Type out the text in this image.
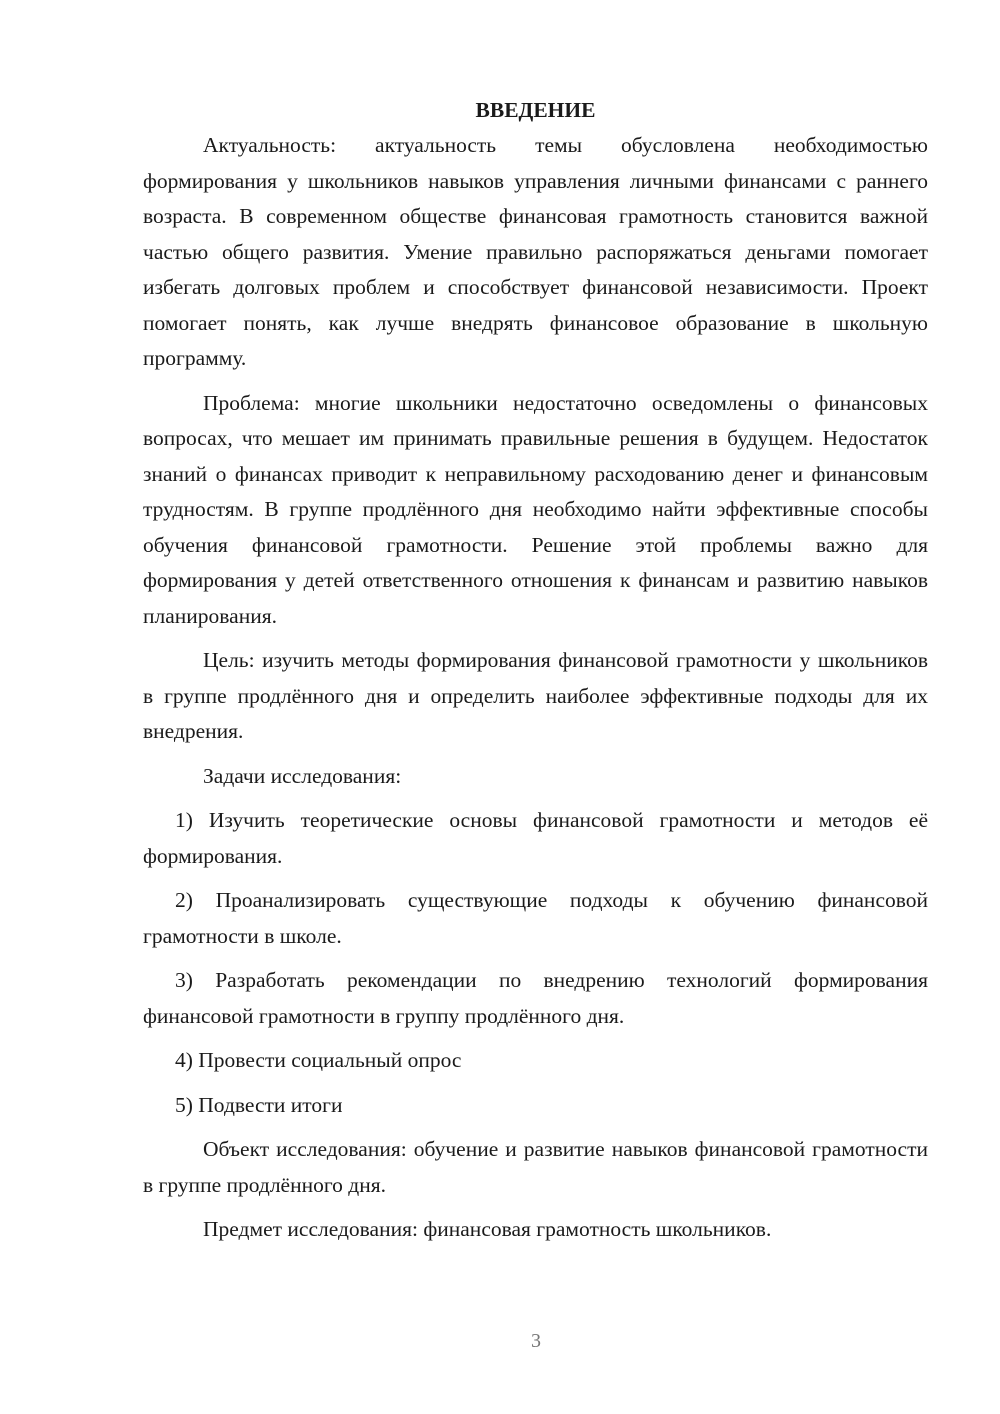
ВВЕДЕНИЕ

Актуальность: актуальность темы обусловлена необходимостью формирования у школьников навыков управления личными финансами с раннего возраста. В современном обществе финансовая грамотность становится важной частью общего развития. Умение правильно распоряжаться деньгами помогает избегать долговых проблем и способствует финансовой независимости. Проект помогает понять, как лучше внедрять финансовое образование в школьную программу.

Проблема: многие школьники недостаточно осведомлены о финансовых вопросах, что мешает им принимать правильные решения в будущем. Недостаток знаний о финансах приводит к неправильному расходованию денег и финансовым трудностям. В группе продлённого дня необходимо найти эффективные способы обучения финансовой грамотности. Решение этой проблемы важно для формирования у детей ответственного отношения к финансам и развитию навыков планирования.

Цель: изучить методы формирования финансовой грамотности у школьников в группе продлённого дня и определить наиболее эффективные подходы для их внедрения.

Задачи исследования:

1) Изучить теоретические основы финансовой грамотности и методов её формирования.

2) Проанализировать существующие подходы к обучению финансовой грамотности в школе.

3) Разработать рекомендации по внедрению технологий формирования финансовой грамотности в группу продлённого дня.

4) Провести социальный опрос

5) Подвести итоги

Объект исследования: обучение и развитие навыков финансовой грамотности в группе продлённого дня.

Предмет исследования: финансовая грамотность школьников.

3
